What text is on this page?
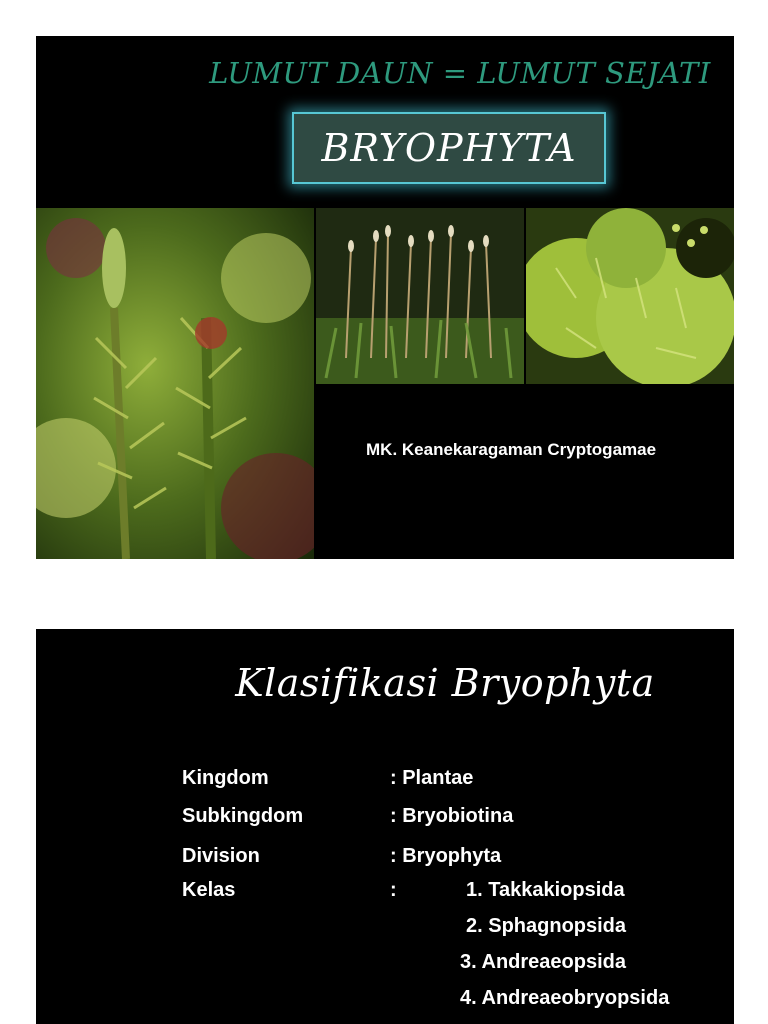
LUMUT DAUN = LUMUT SEJATI
BRYOPHYTA
MK. Keanekaragaman Cryptogamae
Klasifikasi Bryophyta
Kingdom	: Plantae
Subkingdom	: Bryobiotina
Division	: Bryophyta
Kelas	:	1. Takkakiopsida
2. Sphagnopsida
3. Andreaeopsida
4. Andreaeobryopsida
